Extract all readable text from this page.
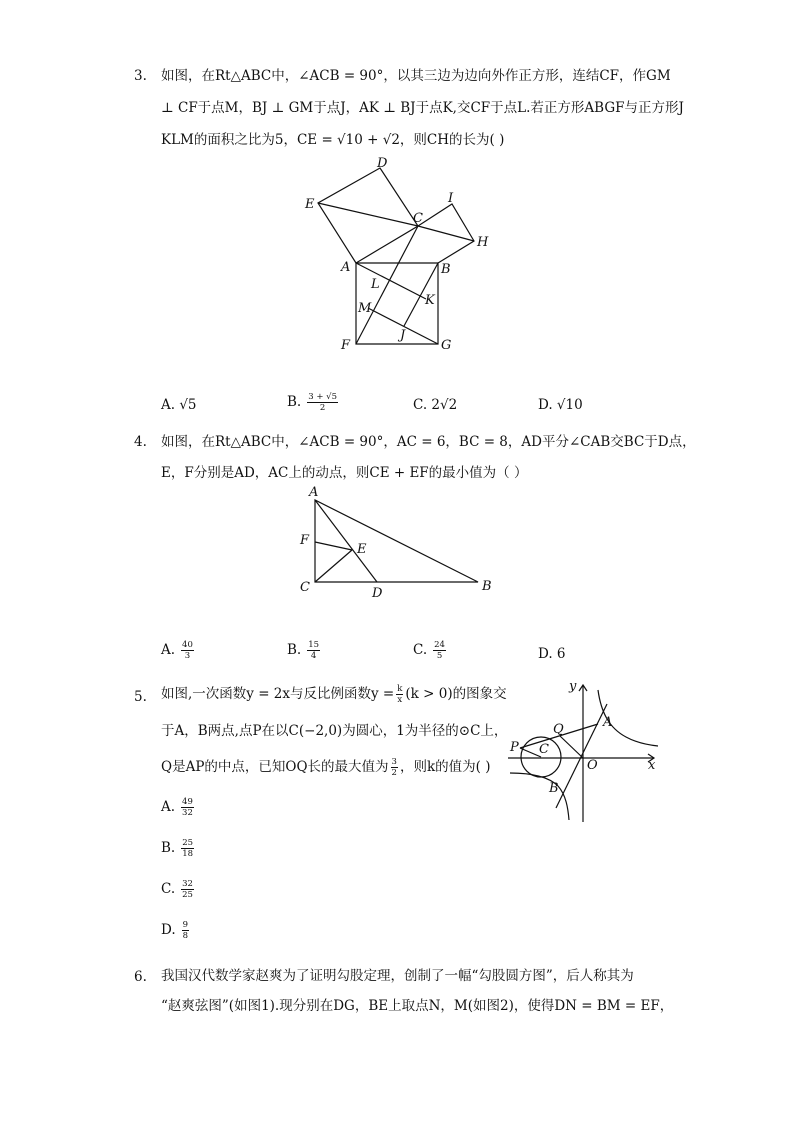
3. 如图，在Rt△ABC中，∠ACB = 90°，以其三边为边向外作正方形，连结CF，作GM
⊥ CF于点M，BJ ⊥ GM于点J，AK ⊥ BJ于点K,交CF于点L.若正方形ABGF与正方形J
KLM的面积之比为5，CE = √10 + √2，则CH的长为( )
D
E
C
I
H
A	B
L
K
M
J
F	G
A. √5	B. $\frac{3 + √5}{2}$	C. 2√2	D. √10
4. 如图，在Rt△ABC中，∠ACB = 90°，AC = 6，BC = 8，AD平分∠CAB交BC于D点，
E，F分别是AD，AC上的动点，则CE + EF的最小值为（ ）
A
F
E
C	D	B
A. $\frac{40}{3}$	B. $\frac{15}{4}$	C. $\frac{24}{5}$	D. 6
5. 如图,一次函数y = 2x与反比例函数$y = \frac{k}{x} (k > 0)$的图象交
于A，B两点,点P在以C(−2,0)为圆心，1为半径的⊙C上，
Q是AP的中点，已知OQ长的最大值为 $\frac{3}{2}$ ，则k的值为( )
A. $\frac{49}{32}$
B. $\frac{25}{18}$
C. $\frac{32}{25}$
D. $\frac{9}{8}$
y
x
A
Q
P C
O
B
6. 我国汉代数学家赵爽为了证明勾股定理，创制了一幅“勾股圆方图”，后人称其为
“赵爽弦图”(如图1).现分别在DG，BE上取点N，M(如图2)，使得DN = BM = EF，
